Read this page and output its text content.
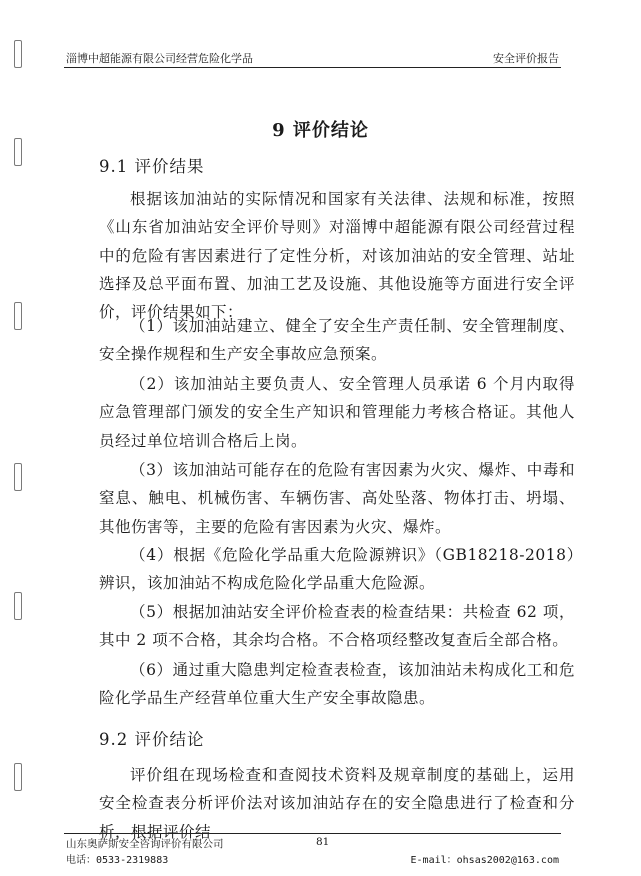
淄博中超能源有限公司经营危险化学品	安全评价报告
9 评价结论
9.1 评价结果

根据该加油站的实际情况和国家有关法律、法规和标准，按照《山东省加油站安全评价导则》对淄博中超能源有限公司经营过程中的危险有害因素进行了定性分析，对该加油站的安全管理、站址选择及总平面布置、加油工艺及设施、其他设施等方面进行安全评价，评价结果如下：

（1）该加油站建立、健全了安全生产责任制、安全管理制度、安全操作规程和生产安全事故应急预案。

（2）该加油站主要负责人、安全管理人员承诺 6 个月内取得应急管理部门颁发的安全生产知识和管理能力考核合格证。其他人员经过单位培训合格后上岗。

（3）该加油站可能存在的危险有害因素为火灾、爆炸、中毒和窒息、触电、机械伤害、车辆伤害、高处坠落、物体打击、坍塌、其他伤害等，主要的危险有害因素为火灾、爆炸。

（4）根据《危险化学品重大危险源辨识》（GB18218-2018）辨识，该加油站不构成危险化学品重大危险源。

（5）根据加油站安全评价检查表的检查结果：共检查 62 项，其中 2 项不合格，其余均合格。不合格项经整改复查后全部合格。

（6）通过重大隐患判定检查表检查，该加油站未构成化工和危险化学品生产经营单位重大生产安全事故隐患。

9.2 评价结论

评价组在现场检查和查阅技术资料及规章制度的基础上，运用安全检查表分析评价法对该加油站存在的安全隐患进行了检查和分析，根据评价结

山东奥萨斯安全咨询评价有限公司	81
电话：0533-2319883	E-mail：ohsas2002@163.com
